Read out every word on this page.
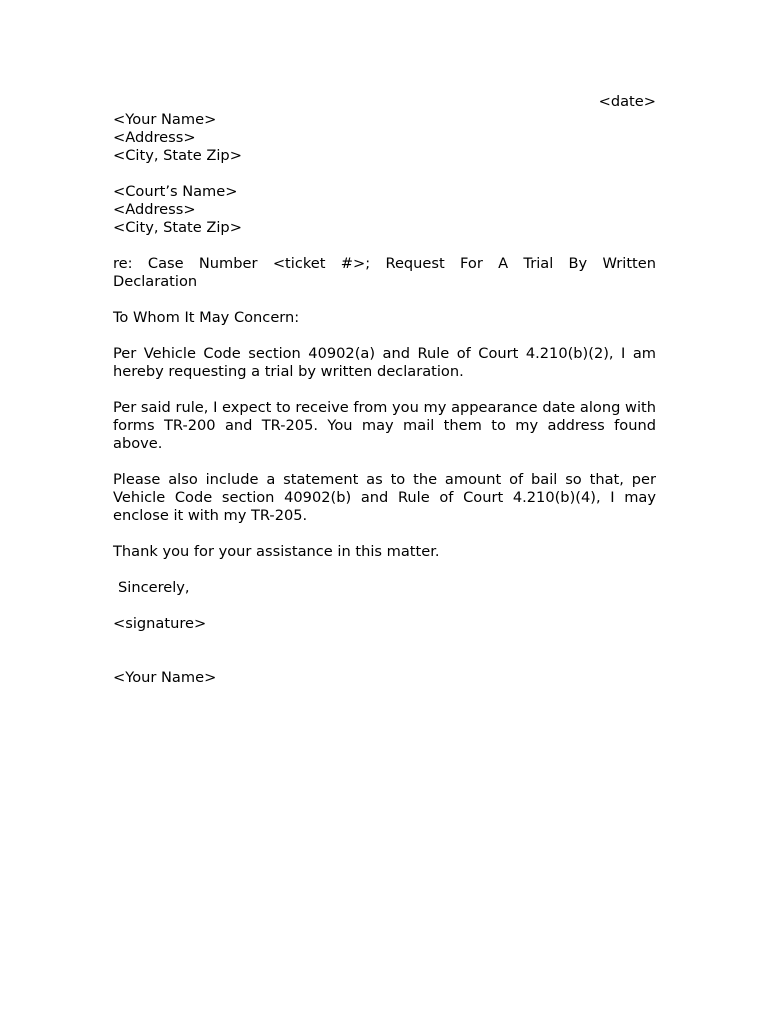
<date>
<Your Name>
<Address>
<City, State Zip>
<Court’s Name>
<Address>
<City, State Zip>
re: Case Number <ticket #>; Request For A Trial By Written
Declaration
To Whom It May Concern:

Per Vehicle Code section 40902(a) and Rule of Court 4.210(b)(2), I am hereby requesting a trial by written declaration.

Per said rule, I expect to receive from you my appearance date along with forms TR-200 and TR-205. You may mail them to my address found above.

Please also include a statement as to the amount of bail so that, per Vehicle Code section 40902(b) and Rule of Court 4.210(b)(4), I may enclose it with my TR-205.

Thank you for your assistance in this matter.
Sincerely,
<signature>
<Your Name>
